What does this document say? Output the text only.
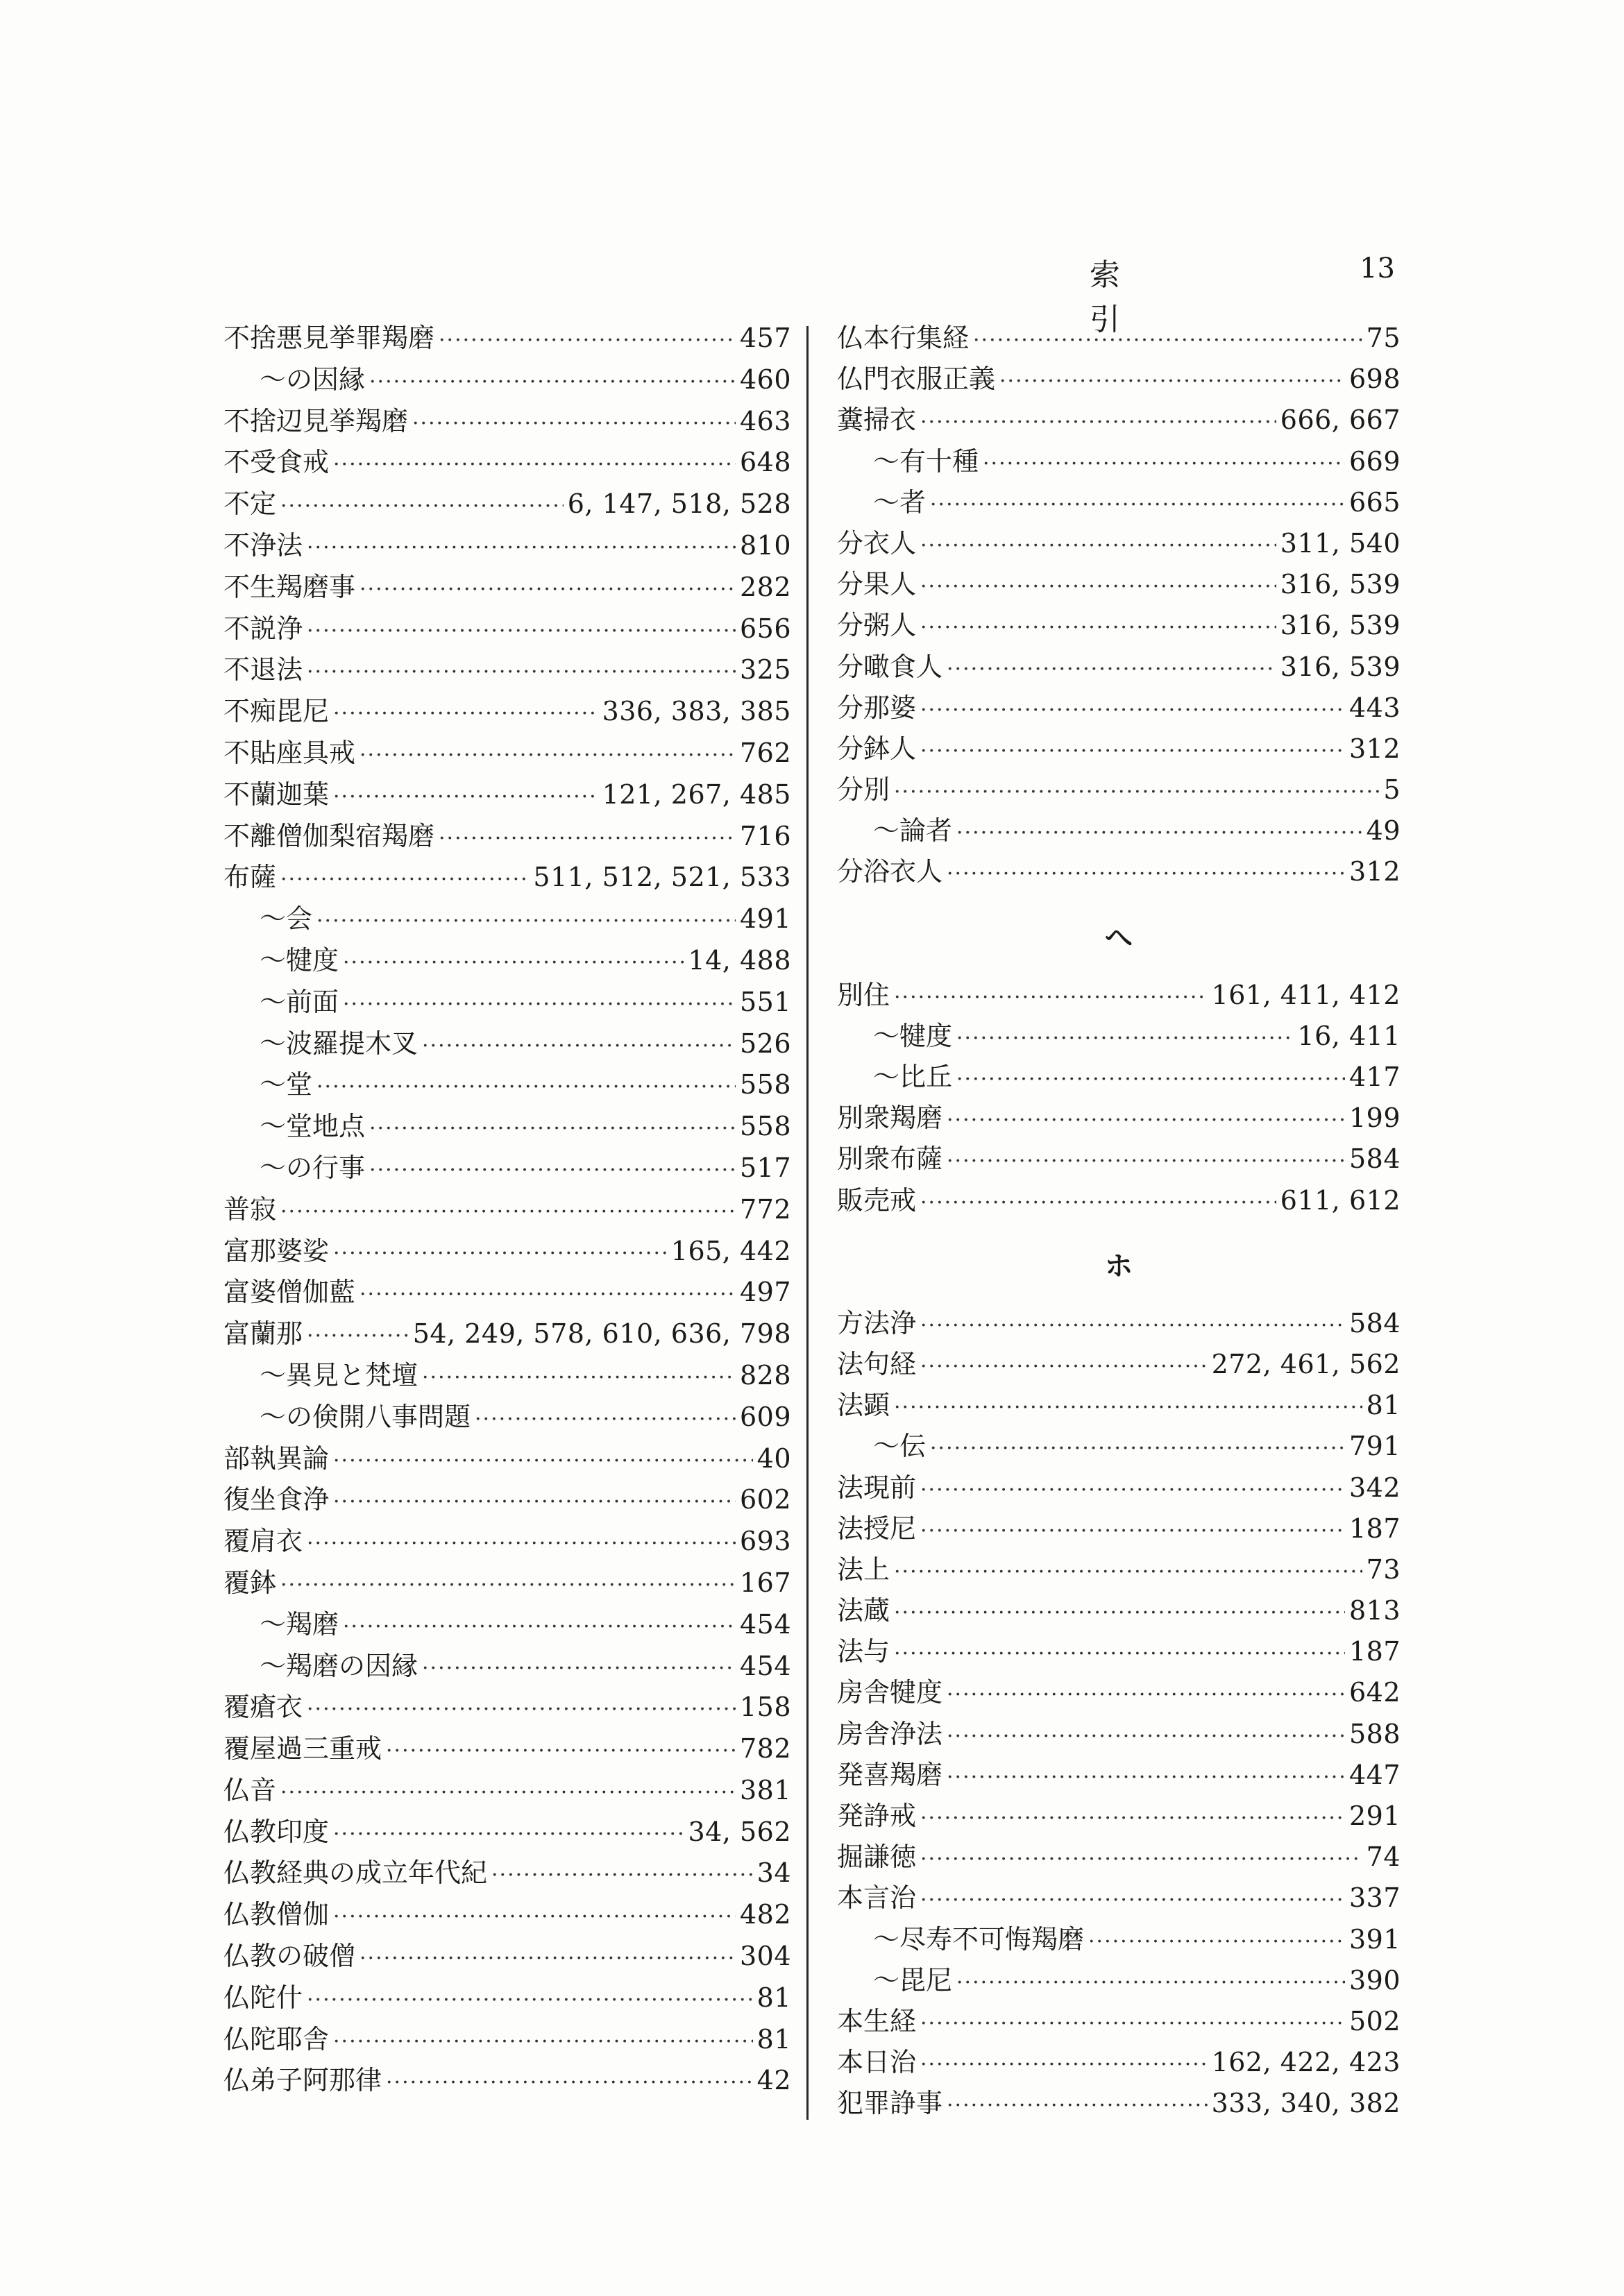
索引
13
不捨悪見挙罪羯磨 ·····	457
～の因縁 ·····	460
不捨辺見挙羯磨 ·····	463
不受食戒 ·····	648
不定 ·····	6, 147, 518, 528
不浄法 ·····	810
不生羯磨事 ·····	282
不説浄 ·····	656
不退法 ·····	325
不痴毘尼 ·····	336, 383, 385
不貼座具戒 ·····	762
不蘭迦葉 ·····	121, 267, 485
不離僧伽梨宿羯磨 ·····	716
布薩 ·····	511, 512, 521, 533
～会 ·····	491
～犍度 ·····	14, 488
～前面 ·····	551
～波羅提木叉 ·····	526
～堂 ·····	558
～堂地点 ·····	558
～の行事 ·····	517
普寂 ·····	772
富那婆娑 ·····	165, 442
富婆僧伽藍 ·····	497
富蘭那 ·····	54, 249, 578, 610, 636, 798
～異見と梵壇 ·····	828
～の倹開八事問題 ·····	609
部執異論 ·····	40
復坐食浄 ·····	602
覆肩衣 ·····	693
覆鉢 ·····	167
～羯磨 ·····	454
～羯磨の因縁 ·····	454
覆瘡衣 ·····	158
覆屋過三重戒 ·····	782
仏音 ·····	381
仏教印度 ·····	34, 562
仏教経典の成立年代紀 ·····	34
仏教僧伽 ·····	482
仏教の破僧 ·····	304
仏陀什 ·····	81
仏陀耶舎 ·····	81
仏弟子阿那律 ·····	42
仏本行集経 ·····	75
仏門衣服正義 ·····	698
糞掃衣 ·····	666, 667
～有十種 ·····	669
～者 ·····	665
分衣人 ·····	311, 540
分果人 ·····	316, 539
分粥人 ·····	316, 539
分噉食人 ·····	316, 539
分那婆 ·····	443
分鉢人 ·····	312
分別 ·····	5
～論者 ·····	49
分浴衣人 ·····	312
へ
別住 ·····	161, 411, 412
～犍度 ·····	16, 411
～比丘 ·····	417
別衆羯磨 ·····	199
別衆布薩 ·····	584
販売戒 ·····	611, 612
ホ
方法浄 ·····	584
法句経 ·····	272, 461, 562
法顕 ·····	81
～伝 ·····	791
法現前 ·····	342
法授尼 ·····	187
法上 ·····	73
法蔵 ·····	813
法与 ·····	187
房舎犍度 ·····	642
房舎浄法 ·····	588
発喜羯磨 ·····	447
発諍戒 ·····	291
掘謙徳 ·····	74
本言治 ·····	337
～尽寿不可悔羯磨 ·····	391
～毘尼 ·····	390
本生経 ·····	502
本日治 ·····	162, 422, 423
犯罪諍事 ·····	333, 340, 382
